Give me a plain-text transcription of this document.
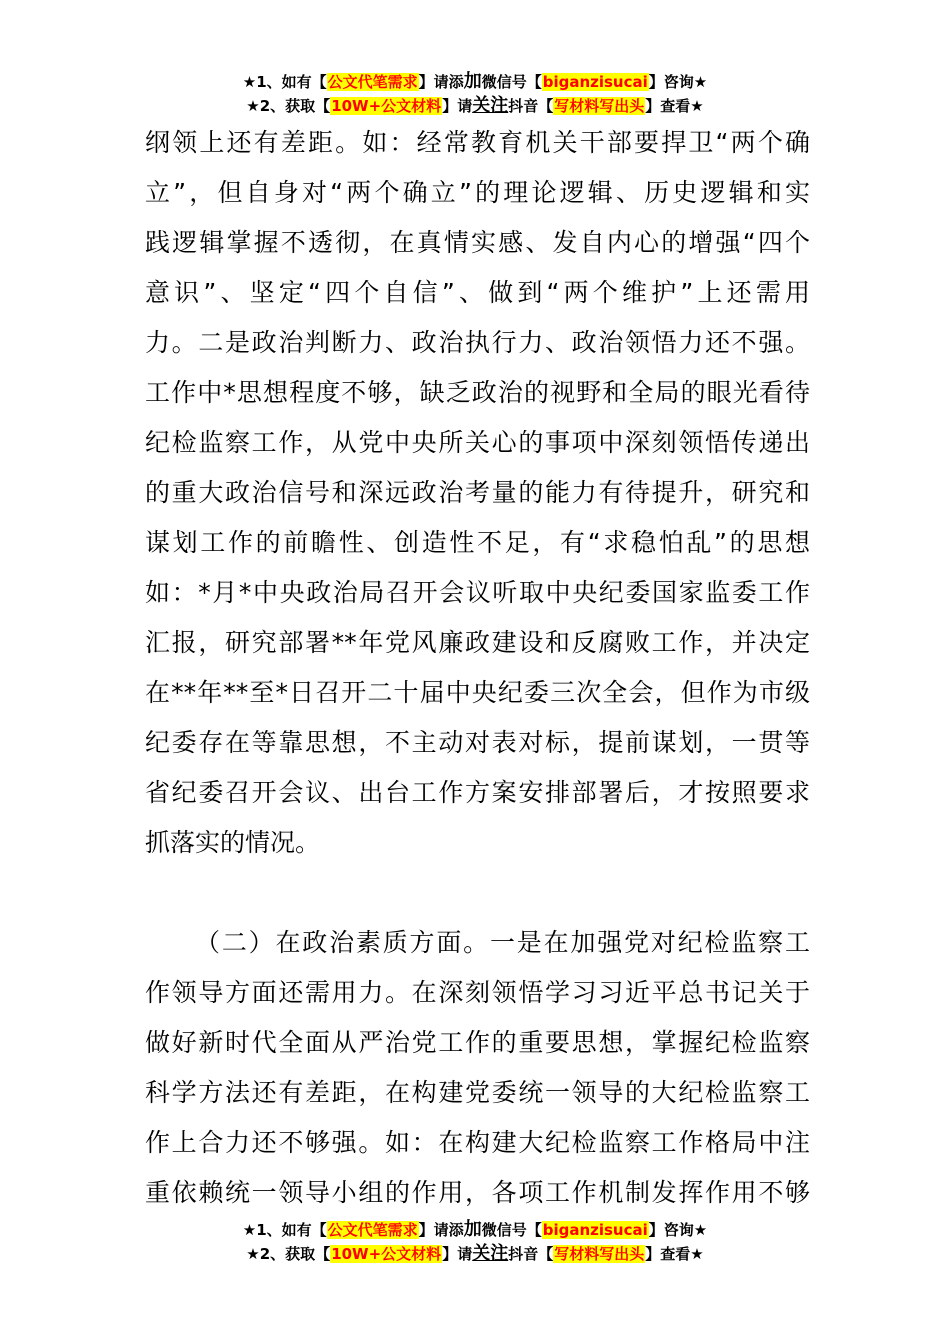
★1、如有【公文代笔需求】请添加微信号【biganzisucai】咨询★
★2、获取【10W+公文材料】请关注抖音【写材料写出头】查看★
纲领上还有差距。如：经常教育机关干部要捍卫“两个确
立”，但自身对“两个确立”的理论逻辑、历史逻辑和实
践逻辑掌握不透彻，在真情实感、发自内心的增强“四个
意识”、坚定“四个自信”、做到“两个维护”上还需用
力。二是政治判断力、政治执行力、政治领悟力还不强。
工作中*思想程度不够，缺乏政治的视野和全局的眼光看待
纪检监察工作，从党中央所关心的事项中深刻领悟传递出
的重大政治信号和深远政治考量的能力有待提升，研究和
谋划工作的前瞻性、创造性不足，有“求稳怕乱”的思想
如：*月*中央政治局召开会议听取中央纪委国家监委工作
汇报，研究部署**年党风廉政建设和反腐败工作，并决定
在**年**至*日召开二十届中央纪委三次全会，但作为市级
纪委存在等靠思想，不主动对表对标，提前谋划，一贯等
省纪委召开会议、出台工作方案安排部署后，才按照要求
抓落实的情况。
（二）在政治素质方面。一是在加强党对纪检监察工
作领导方面还需用力。在深刻领悟学习习近平总书记关于
做好新时代全面从严治党工作的重要思想，掌握纪检监察
科学方法还有差距，在构建党委统一领导的大纪检监察工
作上合力还不够强。如：在构建大纪检监察工作格局中注
重依赖统一领导小组的作用，各项工作机制发挥作用不够
★1、如有【公文代笔需求】请添加微信号【biganzisucai】咨询★
★2、获取【10W+公文材料】请关注抖音【写材料写出头】查看★
